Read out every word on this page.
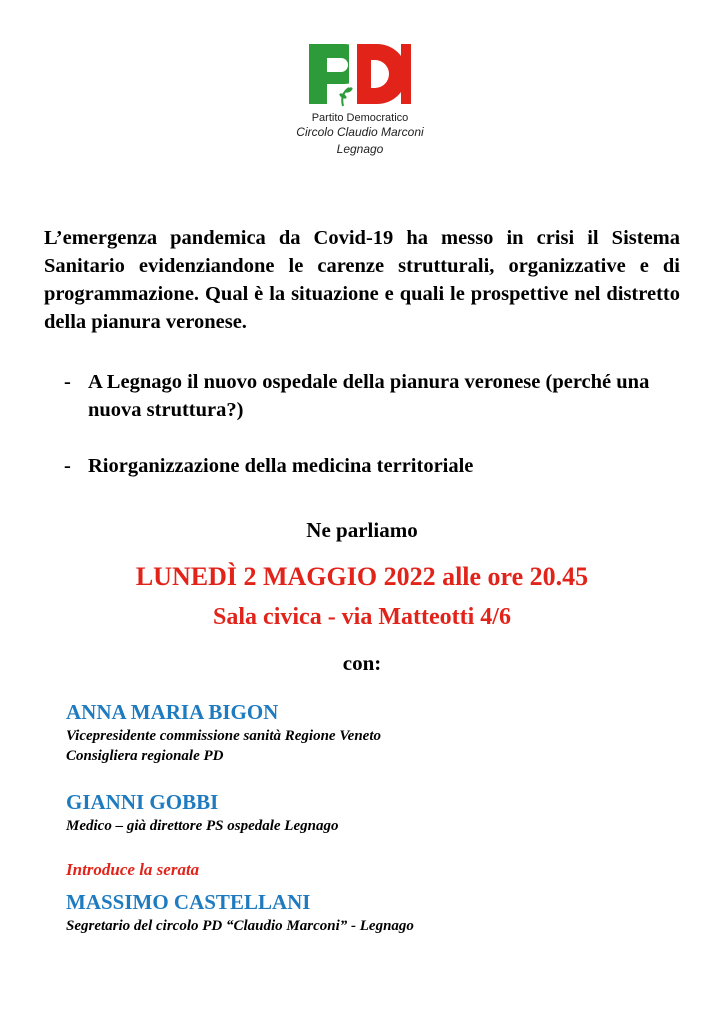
Partito Democratico
Circolo Claudio Marconi
Legnago
L’emergenza pandemica da Covid-19 ha messo in crisi il Sistema Sanitario evidenziandone le carenze strutturali, organizzative e di programmazione. Qual è la situazione e quali le prospettive nel distretto della pianura veronese.
- A Legnago il nuovo ospedale della pianura veronese (perché una nuova struttura?)
- Riorganizzazione della medicina territoriale
Ne parliamo
LUNEDÌ 2 MAGGIO 2022 alle ore 20.45
Sala civica - via Matteotti 4/6
con:
ANNA MARIA BIGON
Vicepresidente commissione sanità Regione Veneto
Consigliera regionale PD
GIANNI GOBBI
Medico – già direttore PS ospedale Legnago
Introduce la serata
MASSIMO CASTELLANI
Segretario del circolo PD “Claudio Marconi” - Legnago
